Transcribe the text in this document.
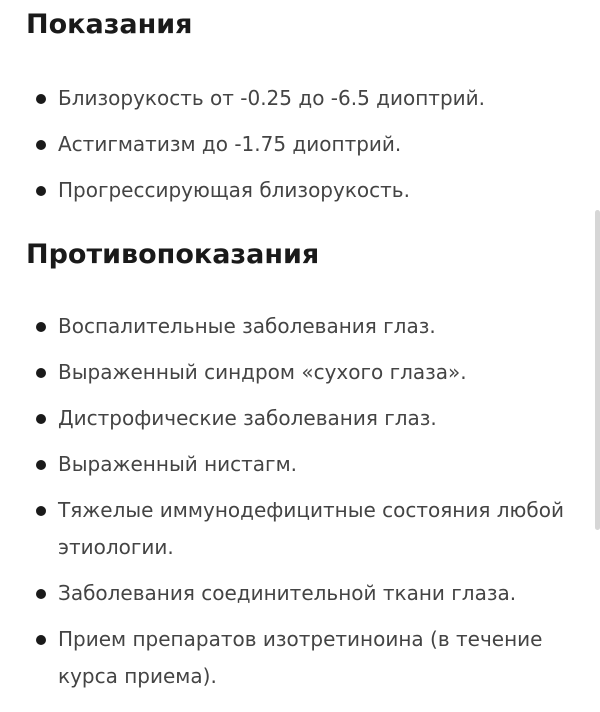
Показания
Близорукость от -0.25 до -6.5 диоптрий.
Астигматизм до -1.75 диоптрий.
Прогрессирующая близорукость.
Противопоказания
Воспалительные заболевания глаз.
Выраженный синдром «сухого глаза».
Дистрофические заболевания глаз.
Выраженный нистагм.
Тяжелые иммунодефицитные состояния любой этиологии.
Заболевания соединительной ткани глаза.
Прием препаратов изотретиноина (в течение курса приема).
